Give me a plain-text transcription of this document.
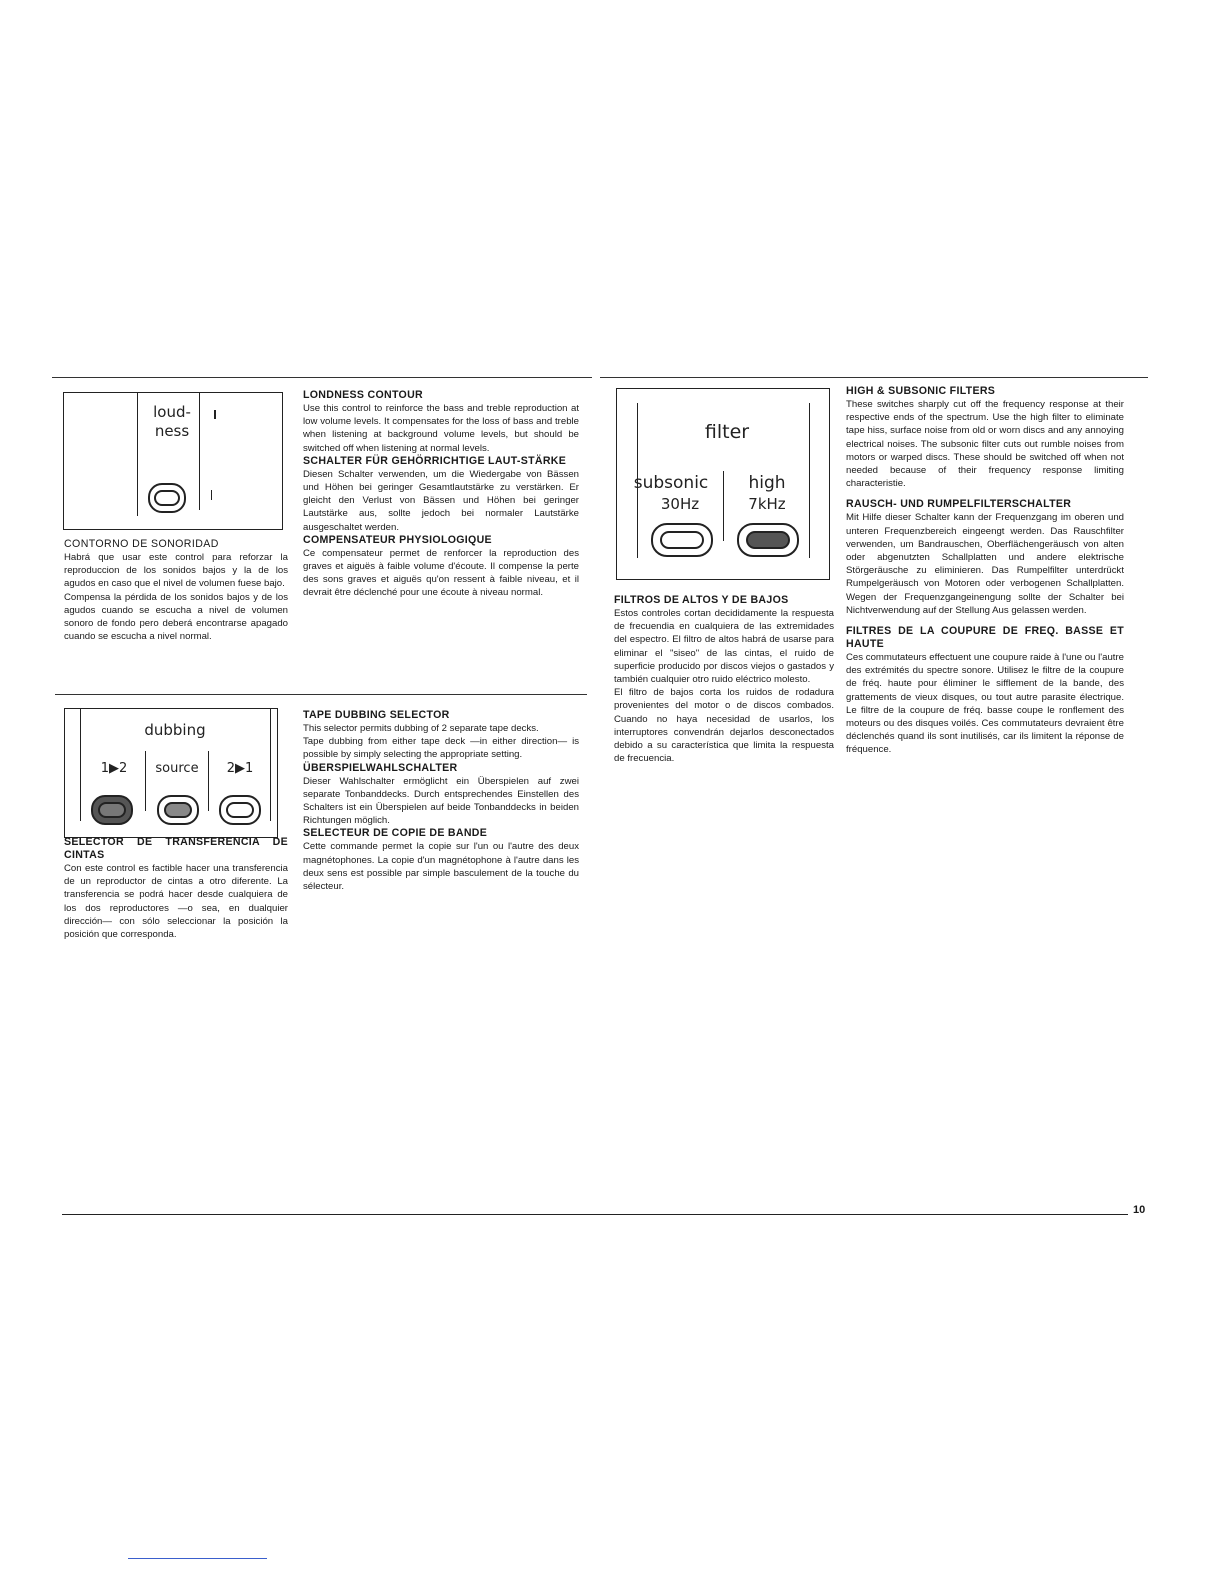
loud-
ness

CONTORNO DE SONORIDAD

Habrá que usar este control para reforzar la reproduccion de los sonidos bajos y la de los agudos en caso que el nivel de volumen fuese bajo.

Compensa la pérdida de los sonidos bajos y de los agudos cuando se escucha a nivel de volumen sonoro de fondo pero deberá encontrarse apagado cuando se escucha a nivel normal.

LONDNESS CONTOUR

Use this control to reinforce the bass and treble reproduction at low volume levels. It compensates for the loss of bass and treble when listening at background volume levels, but should be switched off when listening at normal levels.

SCHALTER FÜR GEHÖRRICHTIGE LAUT-STÄRKE

Diesen Schalter verwenden, um die Wiedergabe von Bässen und Höhen bei geringer Gesamtlautstärke zu verstärken. Er gleicht den Verlust von Bässen und Höhen bei geringer Lautstärke aus, sollte jedoch bei normaler Lautstärke ausgeschaltet werden.

COMPENSATEUR PHYSIOLOGIQUE

Ce compensateur permet de renforcer la reproduction des graves et aiguës à faible volume d'écoute. Il compense la perte des sons graves et aiguës qu'on ressent à faible niveau, et il devrait être déclenché pour une écoute à niveau normal.

dubbing
1▶2	source	2▶1

SELECTOR DE TRANSFERENCIA DE CINTAS

Con este control es factible hacer una transferencia de un reproductor de cintas a otro diferente. La transferencia se podrá hacer desde cualquiera de los dos reproductores —o sea, en dualquier dirección— con sólo seleccionar la posición la posición que corresponda.

TAPE DUBBING SELECTOR

This selector permits dubbing of 2 separate tape decks.

Tape dubbing from either tape deck —in either direction— is possible by simply selecting the appropriate setting.

ÜBERSPIELWAHLSCHALTER

Dieser Wahlschalter ermöglicht ein Überspielen auf zwei separate Tonbanddecks. Durch entsprechendes Einstellen des Schalters ist ein Überspielen auf beide Tonbanddecks in beiden Richtungen möglich.

SELECTEUR DE COPIE DE BANDE

Cette commande permet la copie sur l'un ou l'autre des deux magnétophones. La copie d'un magnétophone à l'autre dans les deux sens est possible par simple basculement de la touche du sélecteur.

filter
subsonic
30Hz
high
7kHz

FILTROS DE ALTOS Y DE BAJOS

Estos controles cortan decididamente la respuesta de frecuendia en cualquiera de las extremidades del espectro. El filtro de altos habrá de usarse para eliminar el "siseo" de las cintas, el ruido de superficie producido por discos viejos o gastados y también cualquier otro ruido eléctrico molesto.

El filtro de bajos corta los ruidos de rodadura provenientes del motor o de discos combados. Cuando no haya necesidad de usarlos, los interruptores convendrán dejarlos desconectados debido a su característica que limita la respuesta de frecuencia.

HIGH & SUBSONIC FILTERS

These switches sharply cut off the frequency response at their respective ends of the spectrum. Use the high filter to eliminate tape hiss, surface noise from old or worn discs and any annoying electrical noises. The subsonic filter cuts out rumble noises from motors or warped discs. These should be switched off when not needed because of their frequency response limiting characteristie.

RAUSCH- UND RUMPELFILTERSCHALTER

Mit Hilfe dieser Schalter kann der Frequenzgang im oberen und unteren Frequenzbereich eingeengt werden. Das Rauschfilter verwenden, um Bandrauschen, Oberflächengeräusch von alten oder abgenutzten Schallplatten und andere elektrische Störgeräusche zu eliminieren. Das Rumpelfilter unterdrückt Rumpelgeräusch von Motoren oder verbogenen Schallplatten. Wegen der Frequenzgangeinengung sollte der Schalter bei Nichtverwendung auf der Stellung Aus gelassen werden.

FILTRES DE LA COUPURE DE FREQ. BASSE ET HAUTE

Ces commutateurs effectuent une coupure raide à l'une ou l'autre des extrémités du spectre sonore. Utilisez le filtre de la coupure de fréq. haute pour éliminer le sifflement de la bande, des grattements de vieux disques, ou tout autre parasite électrique. Le filtre de la coupure de fréq. basse coupe le ronflement des moteurs ou des disques voilés. Ces commutateurs devraient être déclenchés quand ils sont inutilisés, car ils limitent la réponse de fréquence.

10
